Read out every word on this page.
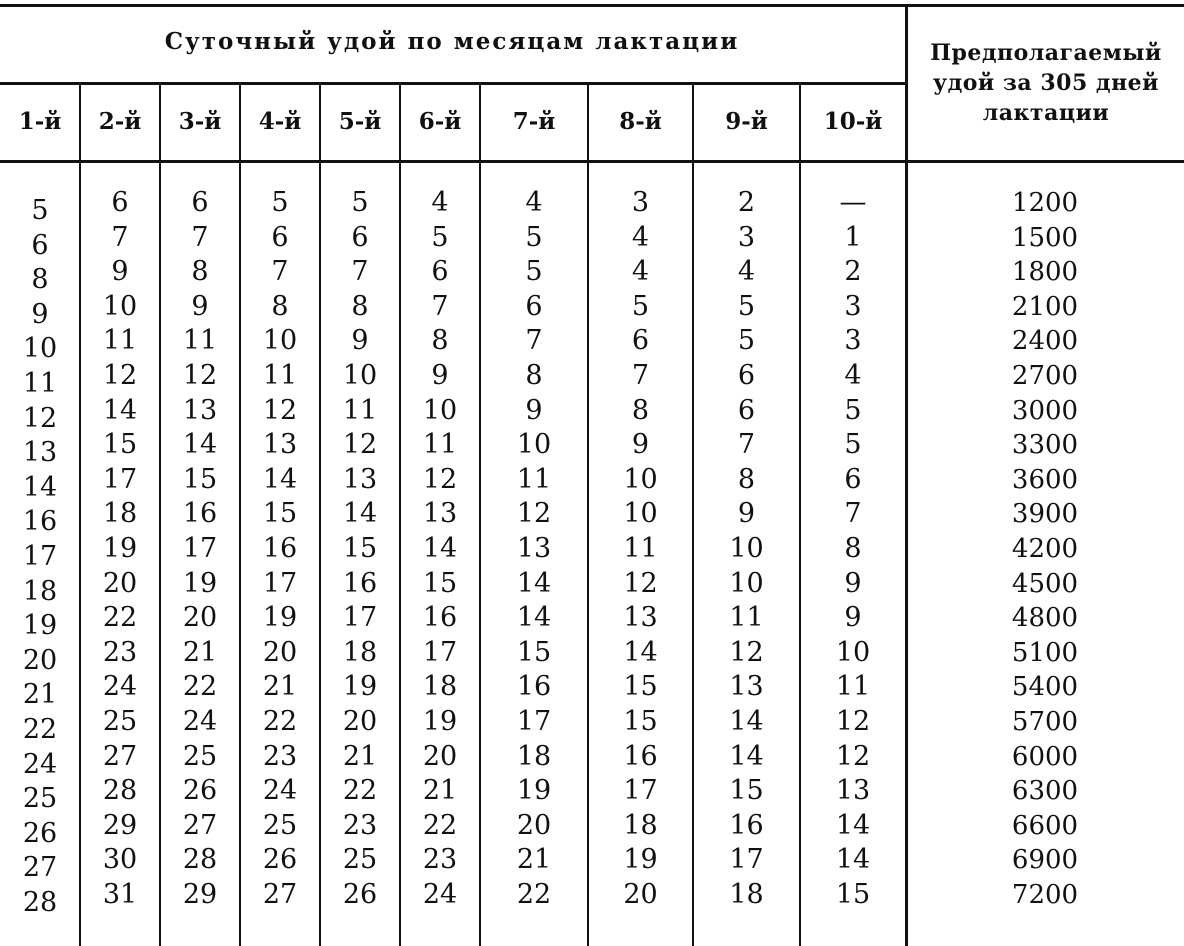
Суточный удой по месяцам лактации	Предполагаемый
удой за 305 дней
лактации
1-й	2-й	3-й	4-й	5-й	6-й	7-й	8-й	9-й	10-й
5	6	6	5	5	4	4	3	2	—	1200
6	7	7	6	6	5	5	4	3	1	1500
8	9	8	7	7	6	5	4	4	2	1800
9	10	9	8	8	7	6	5	5	3	2100
10	11	11	10	9	8	7	6	5	3	2400
11	12	12	11	10	9	8	7	6	4	2700
12	14	13	12	11	10	9	8	6	5	3000
13	15	14	13	12	11	10	9	7	5	3300
14	17	15	14	13	12	11	10	8	6	3600
16	18	16	15	14	13	12	10	9	7	3900
17	19	17	16	15	14	13	11	10	8	4200
18	20	19	17	16	15	14	12	10	9	4500
19	22	20	19	17	16	14	13	11	9	4800
20	23	21	20	18	17	15	14	12	10	5100
21	24	22	21	19	18	16	15	13	11	5400
22	25	24	22	20	19	17	15	14	12	5700
24	27	25	23	21	20	18	16	14	12	6000
25	28	26	24	22	21	19	17	15	13	6300
26	29	27	25	23	22	20	18	16	14	6600
27	30	28	26	25	23	21	19	17	14	6900
28	31	29	27	26	24	22	20	18	15	7200
